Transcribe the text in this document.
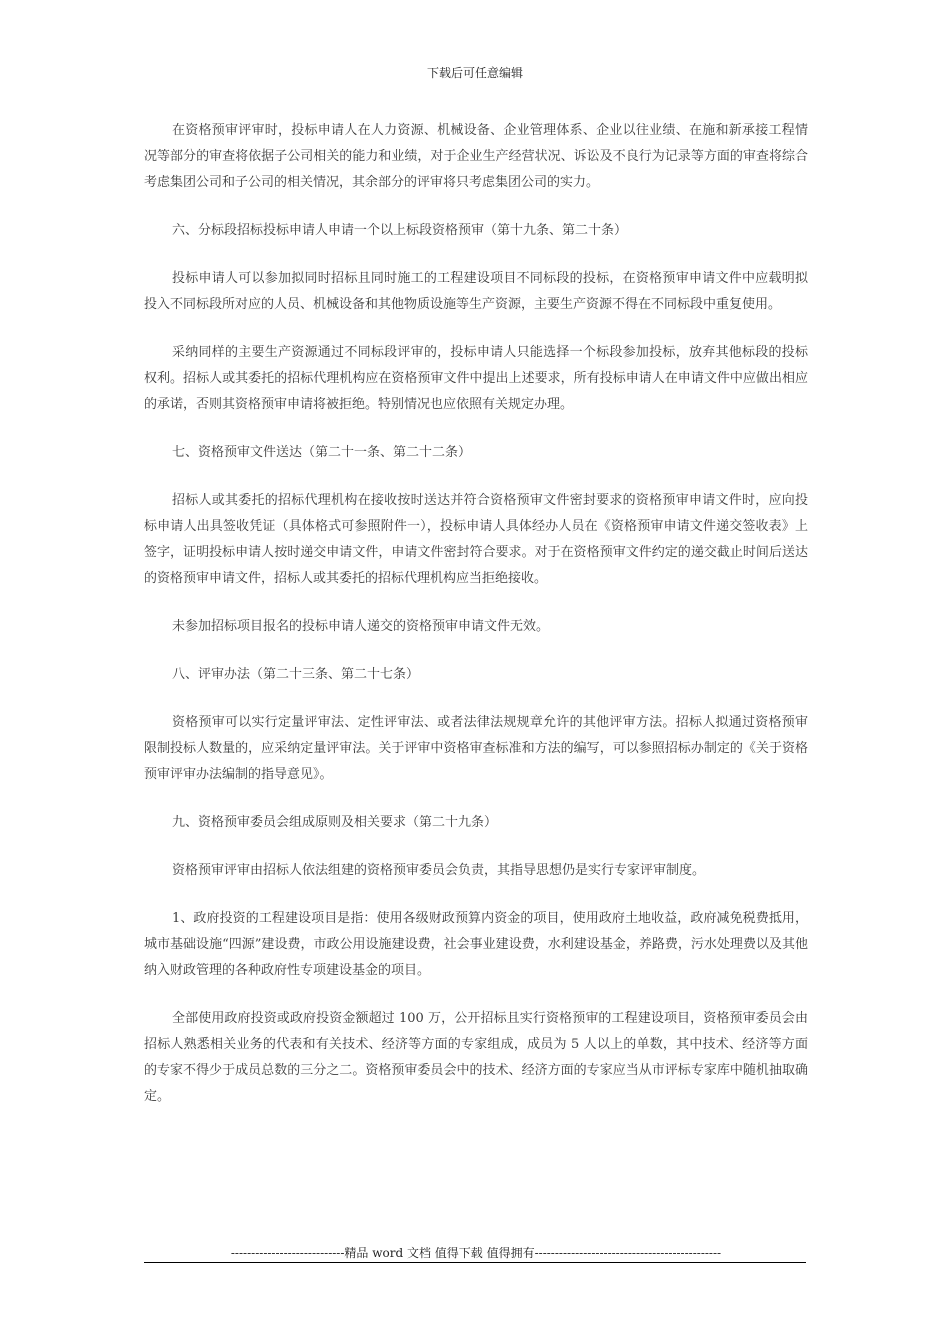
下载后可任意编辑

在资格预审评审时，投标申请人在人力资源、机械设备、企业管理体系、企业以往业绩、在施和新承接工程情况等部分的审查将依据子公司相关的能力和业绩，对于企业生产经营状况、诉讼及不良行为记录等方面的审查将综合考虑集团公司和子公司的相关情况，其余部分的评审将只考虑集团公司的实力。

六、分标段招标投标申请人申请一个以上标段资格预审（第十九条、第二十条）

投标申请人可以参加拟同时招标且同时施工的工程建设项目不同标段的投标，在资格预审申请文件中应载明拟投入不同标段所对应的人员、机械设备和其他物质设施等生产资源，主要生产资源不得在不同标段中重复使用。

采纳同样的主要生产资源通过不同标段评审的，投标申请人只能选择一个标段参加投标，放弃其他标段的投标权利。招标人或其委托的招标代理机构应在资格预审文件中提出上述要求，所有投标申请人在申请文件中应做出相应的承诺，否则其资格预审申请将被拒绝。特别情况也应依照有关规定办理。

七、资格预审文件送达（第二十一条、第二十二条）

招标人或其委托的招标代理机构在接收按时送达并符合资格预审文件密封要求的资格预审申请文件时，应向投标申请人出具签收凭证（具体格式可参照附件一），投标申请人具体经办人员在《资格预审申请文件递交签收表》上签字，证明投标申请人按时递交申请文件，申请文件密封符合要求。对于在资格预审文件约定的递交截止时间后送达的资格预审申请文件，招标人或其委托的招标代理机构应当拒绝接收。

未参加招标项目报名的投标申请人递交的资格预审申请文件无效。

八、评审办法（第二十三条、第二十七条）

资格预审可以实行定量评审法、定性评审法、或者法律法规规章允许的其他评审方法。招标人拟通过资格预审限制投标人数量的，应采纳定量评审法。关于评审中资格审查标准和方法的编写，可以参照招标办制定的《关于资格预审评审办法编制的指导意见》。

九、资格预审委员会组成原则及相关要求（第二十九条）

资格预审评审由招标人依法组建的资格预审委员会负责，其指导思想仍是实行专家评审制度。

1、政府投资的工程建设项目是指：使用各级财政预算内资金的项目，使用政府土地收益，政府减免税费抵用，城市基础设施“四源”建设费，市政公用设施建设费，社会事业建设费，水利建设基金，养路费，污水处理费以及其他纳入财政管理的各种政府性专项建设基金的项目。

全部使用政府投资或政府投资金额超过 100 万，公开招标且实行资格预审的工程建设项目，资格预审委员会由招标人熟悉相关业务的代表和有关技术、经济等方面的专家组成，成员为 5 人以上的单数，其中技术、经济等方面的专家不得少于成员总数的三分之二。资格预审委员会中的技术、经济方面的专家应当从市评标专家库中随机抽取确定。

----------------------------精品 word 文档 值得下载 值得拥有----------------------------------------------
